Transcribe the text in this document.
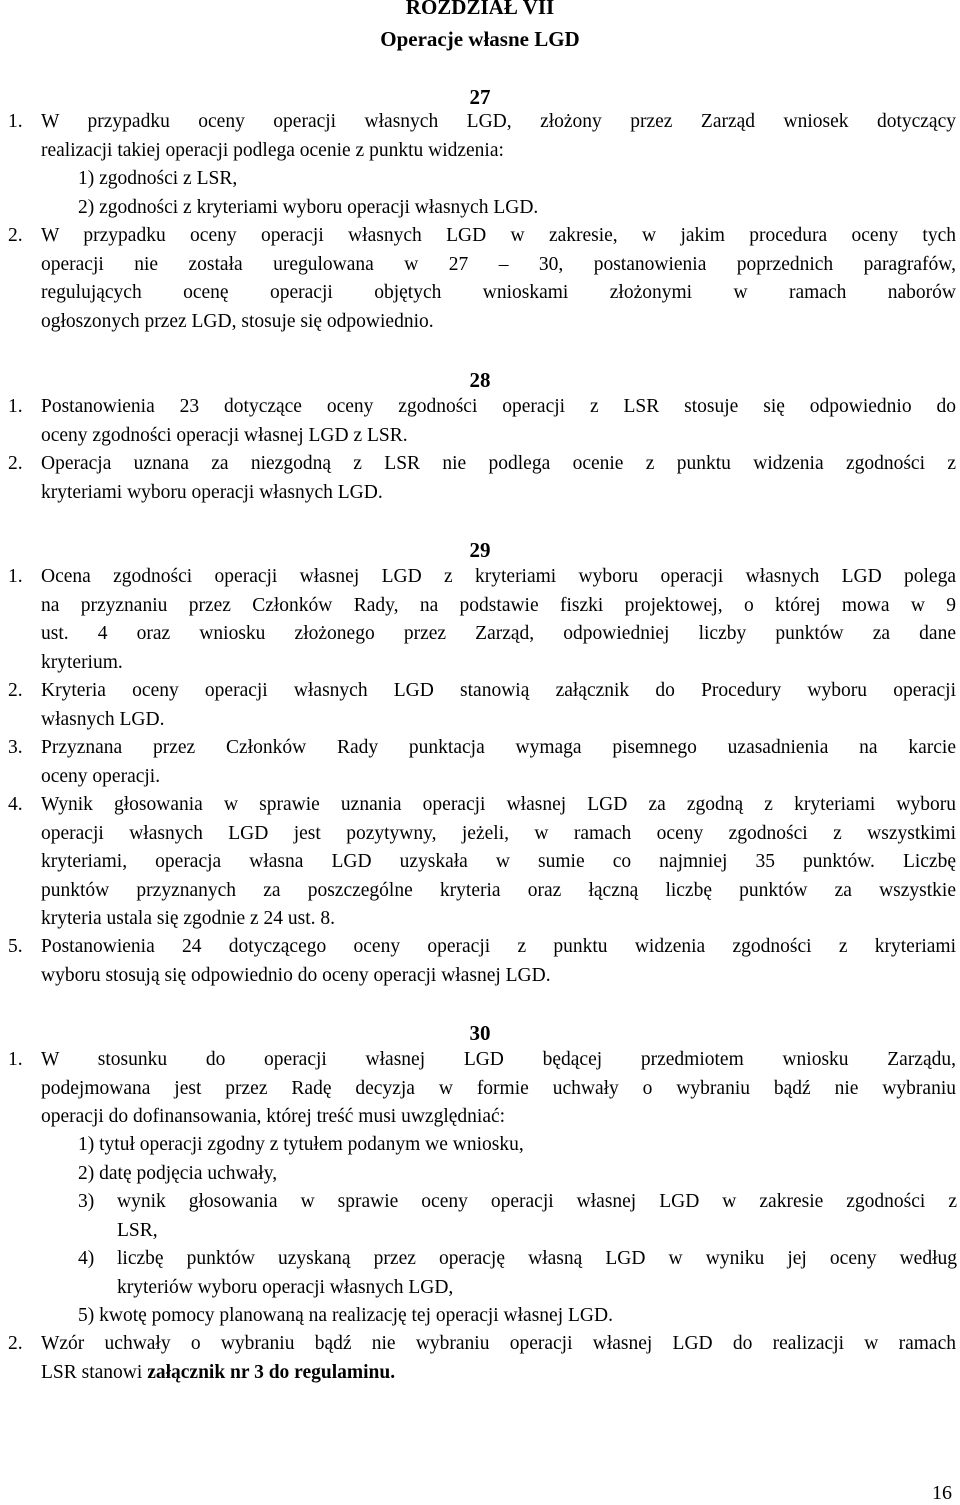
ROZDZIAŁ VII
Operacje własne LGD
27
1. W przypadku oceny operacji własnych LGD, złożony przez Zarząd wniosek dotyczący
realizacji takiej operacji podlega ocenie z punktu widzenia:
1) zgodności z LSR,
2) zgodności z kryteriami wyboru operacji własnych LGD.
2. W przypadku oceny operacji własnych LGD w zakresie, w jakim procedura oceny tych
operacji nie została uregulowana w 27 – 30, postanowienia poprzednich paragrafów,
regulujących ocenę operacji objętych wnioskami złożonymi w ramach naborów
ogłoszonych przez LGD, stosuje się odpowiednio.
28
1. Postanowienia 23 dotyczące oceny zgodności operacji z LSR stosuje się odpowiednio do
oceny zgodności operacji własnej LGD z LSR.
2. Operacja uznana za niezgodną z LSR nie podlega ocenie z punktu widzenia zgodności z
kryteriami wyboru operacji własnych LGD.
29
1. Ocena zgodności operacji własnej LGD z kryteriami wyboru operacji własnych LGD polega
na przyznaniu przez Członków Rady, na podstawie fiszki projektowej, o której mowa w 9
ust. 4 oraz wniosku złożonego przez Zarząd, odpowiedniej liczby punktów za dane
kryterium.
2. Kryteria oceny operacji własnych LGD stanowią załącznik do Procedury wyboru operacji
własnych LGD.
3. Przyznana przez Członków Rady punktacja wymaga pisemnego uzasadnienia na karcie
oceny operacji.
4. Wynik głosowania w sprawie uznania operacji własnej LGD za zgodną z kryteriami wyboru
operacji własnych LGD jest pozytywny, jeżeli, w ramach oceny zgodności z wszystkimi
kryteriami, operacja własna LGD uzyskała w sumie co najmniej 35 punktów. Liczbę
punktów przyznanych za poszczególne kryteria oraz łączną liczbę punktów za wszystkie
kryteria ustala się zgodnie z 24 ust. 8.
5. Postanowienia 24 dotyczącego oceny operacji z punktu widzenia zgodności z kryteriami
wyboru stosują się odpowiednio do oceny operacji własnej LGD.
30
1. W stosunku do operacji własnej LGD będącej przedmiotem wniosku Zarządu,
podejmowana jest przez Radę decyzja w formie uchwały o wybraniu bądź nie wybraniu
operacji do dofinansowania, której treść musi uwzględniać:
1) tytuł operacji zgodny z tytułem podanym we wniosku,
2) datę podjęcia uchwały,
3) wynik głosowania w sprawie oceny operacji własnej LGD w zakresie zgodności z
LSR,
4) liczbę punktów uzyskaną przez operację własną LGD w wyniku jej oceny według
kryteriów wyboru operacji własnych LGD,
5) kwotę pomocy planowaną na realizację tej operacji własnej LGD.
2. Wzór uchwały o wybraniu bądź nie wybraniu operacji własnej LGD do realizacji w ramach
LSR stanowi załącznik nr 3 do regulaminu.
16
